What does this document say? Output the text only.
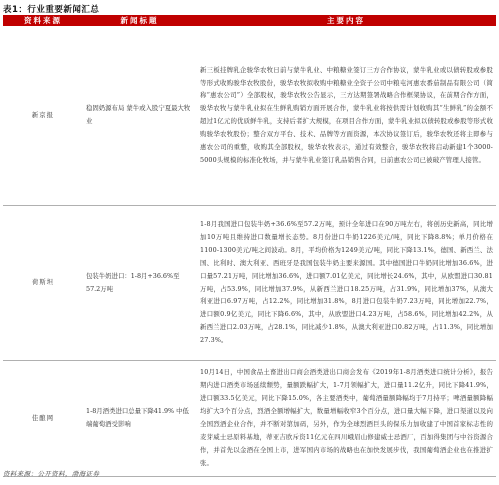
表1：行业重要新闻汇总
资料来源	新闻标题	主要内容
新京报	稳固奶源布局 蒙牛或入股宁夏最大牧业	新三板挂牌乳企骏华农牧日前与蒙牛乳业、中粮糖业签订三方合作协议，蒙牛乳业或以债转股或参股等形式收购骏华农牧股份，骏华农牧拟收购中粮糖业全资子公司中粮屯河惠农番茄制品有限公司（简称“惠农公司”）全部股权，骏华农牧公告显示，三方达期签署战略合作框架协议，在前期合作方面，骏华农牧与蒙牛乳业拟在生鲜乳购销方面开展合作，蒙牛乳业将按供需计划收购其“生鲜乳”的金额不超过1亿元的优质鲜牛乳，支持后者扩大规模，在项目合作方面，蒙牛乳业拟以债转股或参股等形式收购骏华农牧股份；整合双方平台、技术、品牌等方面资源，本次协议签订后，骏华农牧还将主即参与惠农公司的重整，收购其全部股权，骏华农牧表示，通过有效整合，骏华农牧将启动新建1个3000-5000头规模的标准化牧场，并与蒙牛乳业签订乳品销售合同，日前惠农公司已被破产管理人接管。
荷斯坦	包装牛奶进口：1-8月+36.6%至57.2万吨	1-8月我国进口包装牛奶+36.6%至57.2万吨，预计全年进口在90万吨左右，将创历史新高，同比增加10万吨且维持进口数量增长态势。8月份进口牛奶1226美元/吨，同比下降8.8%；单月价格在1100-1300美元/吨之间波动。8月，平均价格为1249美元/吨，同比下降13.1%，德国、新西兰、法国、比利时、澳大利亚、西班牙是我国包装牛奶主要来源国。其中德国进口牛奶同比增加36.6%，进口量57.21万吨，同比增加36.6%，进口额7.01亿美元，同比增长24.6%，其中，从欧盟进口30.81万吨，占53.9%，同比增加37.9%，从新西兰进口18.25万吨，占31.9%，同比增加37%，从澳大利亚进口6.97万吨，占12.2%，同比增加31.8%，8月进口包装牛奶7.23万吨，同比增加22.7%，进口额0.9亿美元，同比下降6.6%，其中，从欧盟进口4.23万吨，占58.6%，同比增加42.2%，从新西兰进口2.03万吨，占28.1%，同比减少1.8%，从澳大利亚进口0.82万吨，占11.3%，同比增加27.3%。
佳酿网	1-8月酒类进口总量下降41.9% 中低端葡萄酒受影响	10月14日，中国食品土畜进出口商会酒类进出口商会发布《2019年1-8月酒类进口统计分析》，报告期内进口酒类市场延续颓势，量额跌幅扩大，1-7月领幅扩大，进口量11.2亿升，同比下降41.9%，进口额33.5亿美元，同比下降15.0%，各主要酒类中，葡萄酒量额降幅均于7月持平；啤酒量额降幅均扩大3个百分点，烈酒全额增幅扩大，数量增幅收窄3个百分点，进口量大幅下降，进口渠道以及向全国烈酒企业合作，并不断对第加码，另外，作为全球烈酒巨头的保乐力加收建了中国首家标志性的麦芽威士忌原料基地，蒂亚吉欧斥资11亿元在四川峨眉山修建威士忌酒厂，百加得集团与中谷资源合作，并首先以金酒在全国上市，进军国内市场的战略也在加快发展步伐，我国葡萄酒企业也在推进扩张。
资料来源：公开资料，渤海证券
